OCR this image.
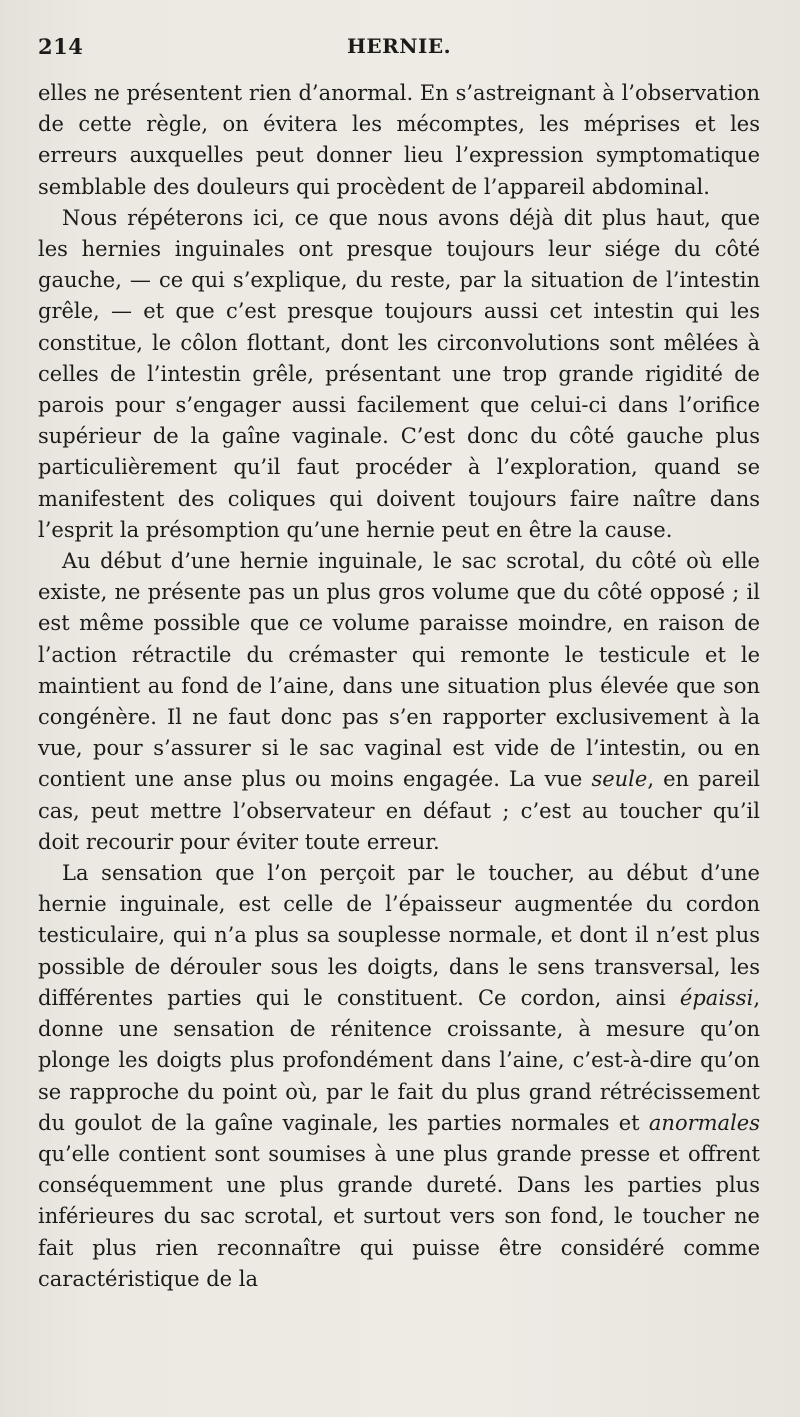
214	HERNIE.

elles ne présentent rien d’anormal. En s’astreignant à l’observation de cette règle, on évitera les mécomptes, les méprises et les erreurs auxquelles peut donner lieu l’expression symptomatique semblable des douleurs qui procèdent de l’appareil abdominal.

Nous répéterons ici, ce que nous avons déjà dit plus haut, que les hernies inguinales ont presque toujours leur siége du côté gauche, — ce qui s’explique, du reste, par la situation de l’intestin grêle, — et que c’est presque toujours aussi cet intestin qui les constitue, le côlon flottant, dont les circonvolutions sont mêlées à celles de l’intestin grêle, présentant une trop grande rigidité de parois pour s’engager aussi facilement que celui-ci dans l’orifice supérieur de la gaîne vaginale. C’est donc du côté gauche plus particulièrement qu’il faut procéder à l’exploration, quand se manifestent des coliques qui doivent toujours faire naître dans l’esprit la présomption qu’une hernie peut en être la cause.

Au début d’une hernie inguinale, le sac scrotal, du côté où elle existe, ne présente pas un plus gros volume que du côté opposé ; il est même possible que ce volume paraisse moindre, en raison de l’action rétractile du crémaster qui remonte le testicule et le maintient au fond de l’aine, dans une situation plus élevée que son congénère. Il ne faut donc pas s’en rapporter exclusivement à la vue, pour s’assurer si le sac vaginal est vide de l’intestin, ou en contient une anse plus ou moins engagée. La vue seule, en pareil cas, peut mettre l’observateur en défaut ; c’est au toucher qu’il doit recourir pour éviter toute erreur.

La sensation que l’on perçoit par le toucher, au début d’une hernie inguinale, est celle de l’épaisseur augmentée du cordon testiculaire, qui n’a plus sa souplesse normale, et dont il n’est plus possible de dérouler sous les doigts, dans le sens transversal, les différentes parties qui le constituent. Ce cordon, ainsi épaissi, donne une sensation de rénitence croissante, à mesure qu’on plonge les doigts plus profondément dans l’aine, c’est-à-dire qu’on se rapproche du point où, par le fait du plus grand rétrécissement du goulot de la gaîne vaginale, les parties normales et anormales qu’elle contient sont soumises à une plus grande presse et offrent conséquemment une plus grande dureté. Dans les parties plus inférieures du sac scrotal, et surtout vers son fond, le toucher ne fait plus rien reconnaître qui puisse être considéré comme caractéristique de la
